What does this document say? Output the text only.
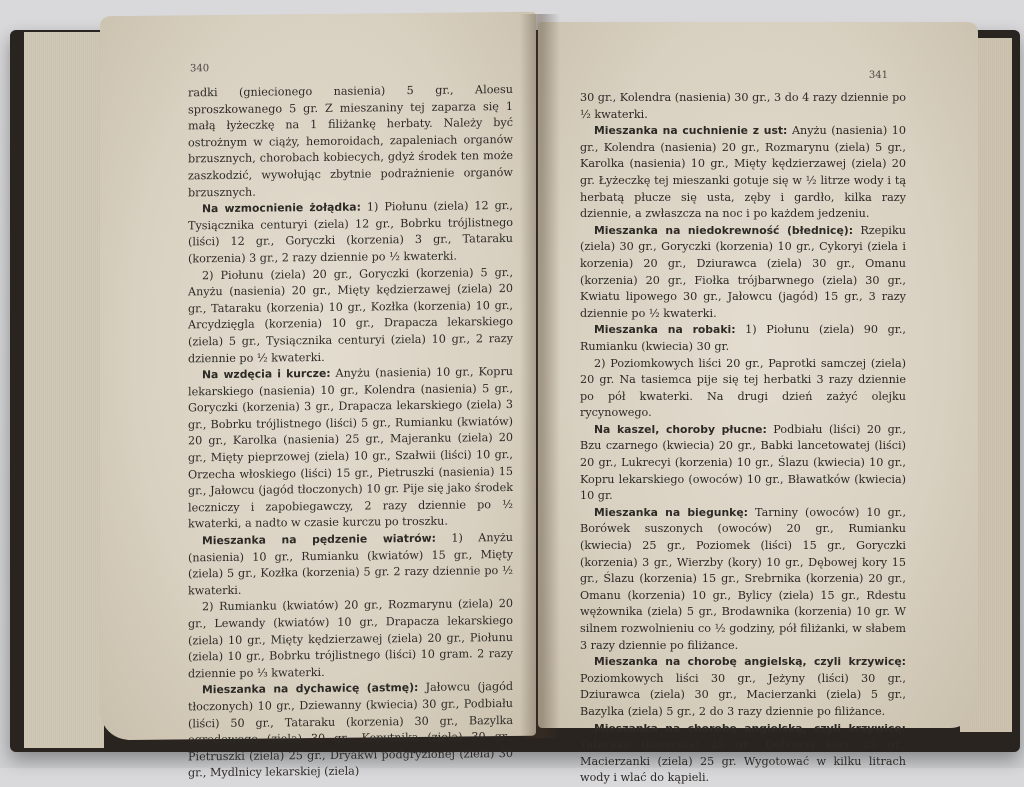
340

radki (gniecionego nasienia) 5 gr., Aloesu sproszkowanego 5 gr. Z mieszaniny tej zaparza się 1 małą łyżeczkę na 1 filiżankę herbaty. Należy być ostrożnym w ciąży, hemoroidach, zapaleniach organów brzusznych, chorobach kobiecych, gdyż środek ten może zaszkodzić, wywołując zbytnie podrażnienie organów brzusznych.

Na wzmocnienie żołądka: 1) Piołunu (ziela) 12 gr., Tysiącznika centuryi (ziela) 12 gr., Bobrku trójlistnego (liści) 12 gr., Goryczki (korzenia) 3 gr., Tataraku (korzenia) 3 gr., 2 razy dziennie po ½ kwaterki.

2) Piołunu (ziela) 20 gr., Goryczki (korzenia) 5 gr., Anyżu (nasienia) 20 gr., Mięty kędzierzawej (ziela) 20 gr., Tataraku (korzenia) 10 gr., Kozłka (korzenia) 10 gr., Arcydzięgla (korzenia) 10 gr., Drapacza lekarskiego (ziela) 5 gr., Tysiącznika centuryi (ziela) 10 gr., 2 razy dziennie po ½ kwaterki.

Na wzdęcia i kurcze: Anyżu (nasienia) 10 gr., Kopru lekarskiego (nasienia) 10 gr., Kolendra (nasienia) 5 gr., Goryczki (korzenia) 3 gr., Drapacza lekarskiego (ziela) 3 gr., Bobrku trójlistnego (liści) 5 gr., Rumianku (kwiatów) 20 gr., Karolka (nasienia) 25 gr., Majeranku (ziela) 20 gr., Mięty pieprzowej (ziela) 10 gr., Szałwii (liści) 10 gr., Orzecha włoskiego (liści) 15 gr., Pietruszki (nasienia) 15 gr., Jałowcu (jagód tłoczonych) 10 gr. Pije się jako środek leczniczy i zapobiegawczy, 2 razy dziennie po ½ kwaterki, a nadto w czasie kurczu po troszku.

Mieszanka na pędzenie wiatrów: 1) Anyżu (nasienia) 10 gr., Rumianku (kwiatów) 15 gr., Mięty (ziela) 5 gr., Kozłka (korzenia) 5 gr. 2 razy dziennie po ½ kwaterki.

2) Rumianku (kwiatów) 20 gr., Rozmarynu (ziela) 20 gr., Lewandy (kwiatów) 10 gr., Drapacza lekarskiego (ziela) 10 gr., Mięty kędzierzawej (ziela) 20 gr., Piołunu (ziela) 10 gr., Bobrku trójlistnego (liści) 10 gram. 2 razy dziennie po ⅓ kwaterki.

Mieszanka na dychawicę (astmę): Jałowcu (jagód tłoczonych) 10 gr., Dziewanny (kwiecia) 30 gr., Podbiału (liści) 50 gr., Tataraku (korzenia) 30 gr., Bazylka ogrodowego (ziela) 30 gr., Kopytnika (ziela) 30 gr., Pietruszki (ziela) 25 gr., Dryakwi podgryzionej (ziela) 30 gr., Mydlnicy lekarskiej (ziela)

341

30 gr., Kolendra (nasienia) 30 gr., 3 do 4 razy dziennie po ½ kwaterki.

Mieszanka na cuchnienie z ust: Anyżu (nasienia) 10 gr., Kolendra (nasienia) 20 gr., Rozmarynu (ziela) 5 gr., Karolka (nasienia) 10 gr., Mięty kędzierzawej (ziela) 20 gr. Łyżeczkę tej mieszanki gotuje się w ½ litrze wody i tą herbatą płucze się usta, zęby i gardło, kilka razy dziennie, a zwłaszcza na noc i po każdem jedzeniu.

Mieszanka na niedokrewność (błednicę): Rzepiku (ziela) 30 gr., Goryczki (korzenia) 10 gr., Cykoryi (ziela i korzenia) 20 gr., Dziurawca (ziela) 30 gr., Omanu (korzenia) 20 gr., Fiołka trójbarwnego (ziela) 30 gr., Kwiatu lipowego 30 gr., Jałowcu (jagód) 15 gr., 3 razy dziennie po ½ kwaterki.

Mieszanka na robaki: 1) Piołunu (ziela) 90 gr., Rumianku (kwiecia) 30 gr.

2) Poziomkowych liści 20 gr., Paprotki samczej (ziela) 20 gr. Na tasiemca pije się tej herbatki 3 razy dziennie po pół kwaterki. Na drugi dzień zażyć olejku rycynowego.

Na kaszel, choroby płucne: Podbiału (liści) 20 gr., Bzu czarnego (kwiecia) 20 gr., Babki lancetowatej (liści) 20 gr., Lukrecyi (korzenia) 10 gr., Ślazu (kwiecia) 10 gr., Kopru lekarskiego (owoców) 10 gr., Bławatków (kwiecia) 10 gr.

Mieszanka na biegunkę: Tarniny (owoców) 10 gr., Borówek suszonych (owoców) 20 gr., Rumianku (kwiecia) 25 gr., Poziomek (liści) 15 gr., Goryczki (korzenia) 3 gr., Wierzby (kory) 10 gr., Dębowej kory 15 gr., Ślazu (korzenia) 15 gr., Srebrnika (korzenia) 20 gr., Omanu (korzenia) 10 gr., Bylicy (ziela) 15 gr., Rdestu wężownika (ziela) 5 gr., Brodawnika (korzenia) 10 gr. W silnem rozwolnieniu co ½ godziny, pół filiżanki, w słabem 3 razy dziennie po filiżance.

Mieszanka na chorobę angielską, czyli krzywicę: Poziomkowych liści 30 gr., Jeżyny (liści) 30 gr., Dziurawca (ziela) 30 gr., Macierzanki (ziela) 5 gr., Bazylka (ziela) 5 gr., 2 do 3 razy dziennie po filiżance.

Mieszanka na chorobę angielską, czyli krzywicę: Tataraku (korzenia) 25 gr., Dębowej kory 25 gr., Macierzanki (ziela) 25 gr. Wygotować w kilku litrach wody i wlać do kąpieli.
